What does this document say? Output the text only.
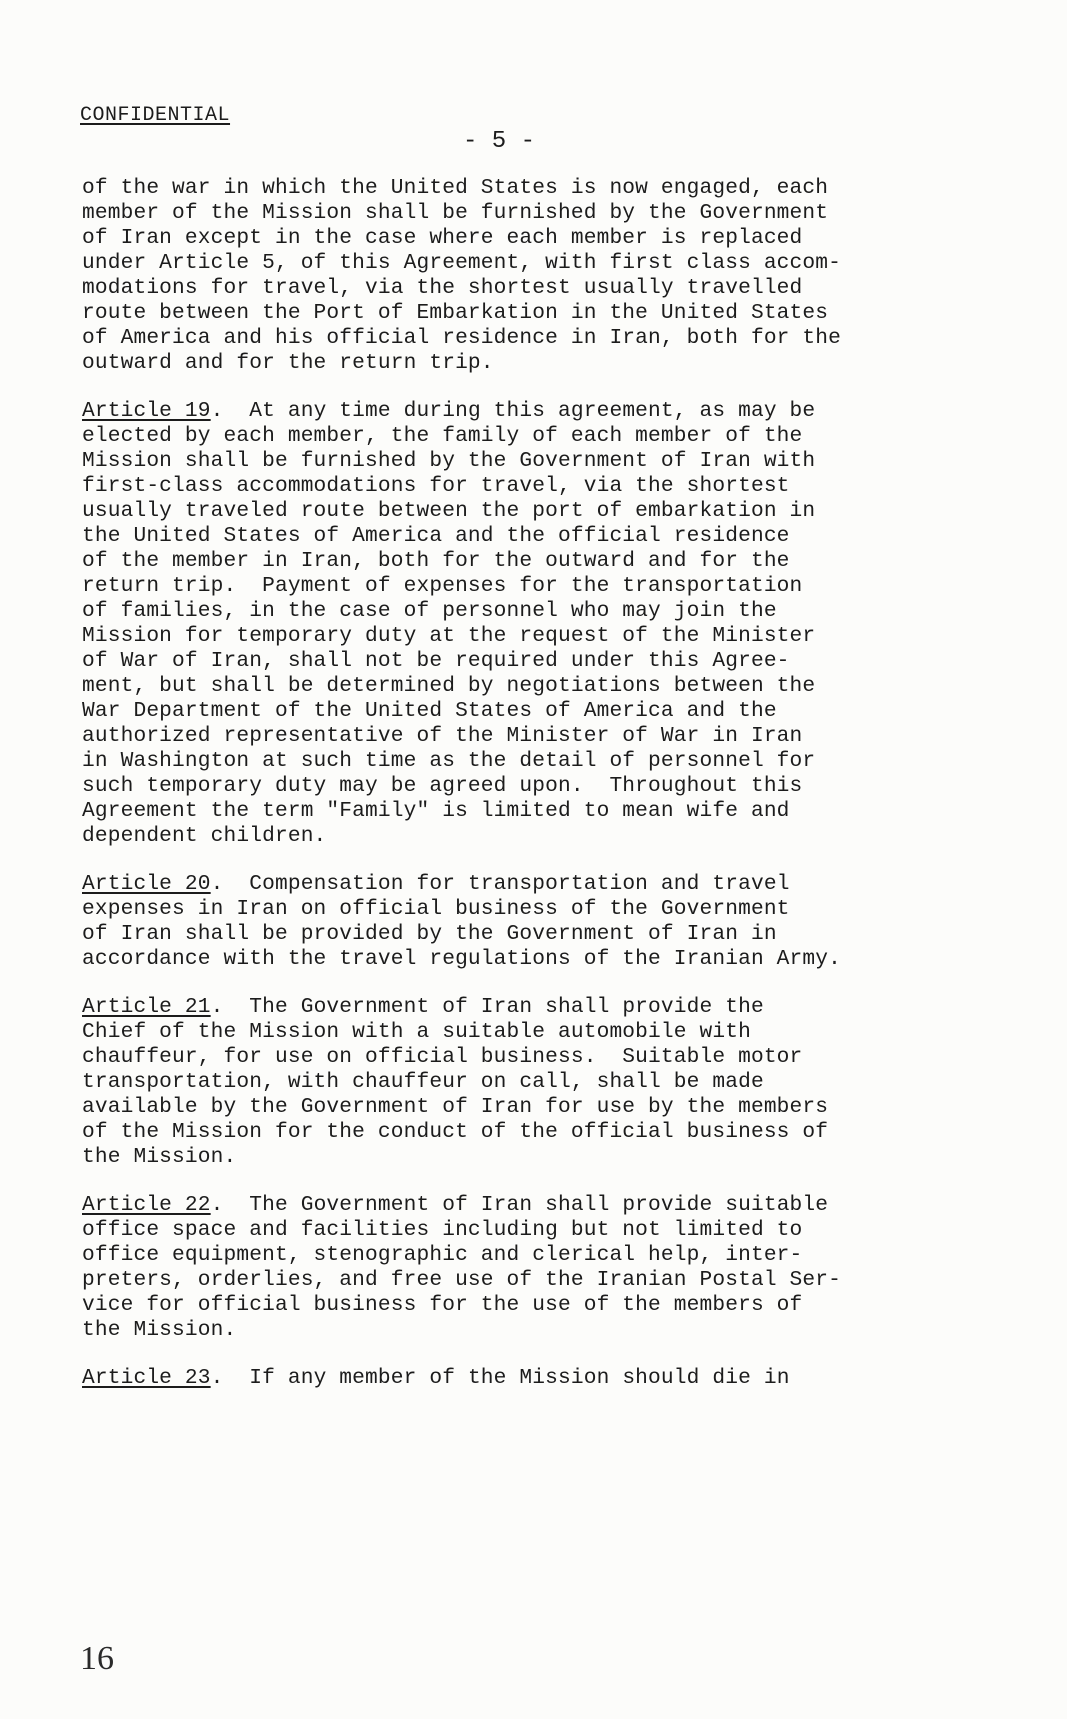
CONFIDENTIAL
- 5 -
of the war in which the United States is now engaged, each
member of the Mission shall be furnished by the Government
of Iran except in the case where each member is replaced
under Article 5, of this Agreement, with first class accom-
modations for travel, via the shortest usually travelled
route between the Port of Embarkation in the United States
of America and his official residence in Iran, both for the
outward and for the return trip.
Article 19.  At any time during this agreement, as may be
elected by each member, the family of each member of the
Mission shall be furnished by the Government of Iran with
first-class accommodations for travel, via the shortest
usually traveled route between the port of embarkation in
the United States of America and the official residence
of the member in Iran, both for the outward and for the
return trip.  Payment of expenses for the transportation
of families, in the case of personnel who may join the
Mission for temporary duty at the request of the Minister
of War of Iran, shall not be required under this Agree-
ment, but shall be determined by negotiations between the
War Department of the United States of America and the
authorized representative of the Minister of War in Iran
in Washington at such time as the detail of personnel for
such temporary duty may be agreed upon.  Throughout this
Agreement the term "Family" is limited to mean wife and
dependent children.
Article 20.  Compensation for transportation and travel
expenses in Iran on official business of the Government
of Iran shall be provided by the Government of Iran in
accordance with the travel regulations of the Iranian Army.
Article 21.  The Government of Iran shall provide the
Chief of the Mission with a suitable automobile with
chauffeur, for use on official business.  Suitable motor
transportation, with chauffeur on call, shall be made
available by the Government of Iran for use by the members
of the Mission for the conduct of the official business of
the Mission.
Article 22.  The Government of Iran shall provide suitable
office space and facilities including but not limited to
office equipment, stenographic and clerical help, inter-
preters, orderlies, and free use of the Iranian Postal Ser-
vice for official business for the use of the members of
the Mission.
Article 23.  If any member of the Mission should die in
16
